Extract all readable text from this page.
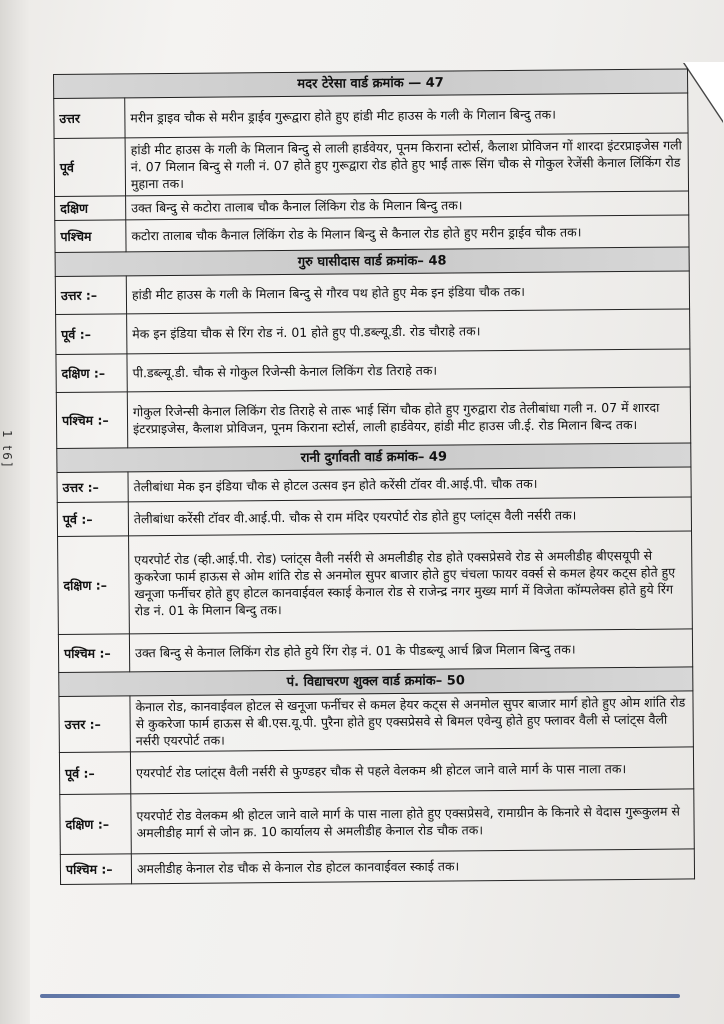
1 t6]
मदर टेरेसा वार्ड क्रमांक — 47	
उत्तर	मरीन ड्राइव चौक से मरीन ड्राईव गुरूद्वारा होते हुए हांडी मीट हाउस के गली के गिलान बिन्दु तक।
पूर्व	हांडी मीट हाउस के गली के मिलान बिन्दु से लाली हार्डवेयर, पूनम किराना स्टोर्स, कैलाश प्रोविजन गों शारदा इंटरप्राइजेस गली नं. 07 मिलान बिन्दु से गली नं. 07 होते हुए गुरूद्वारा रोड होते हुए भाईं तारू सिंग चौक से गोकुल रेजेंसी केनाल लिंकिंग रोड मुहाना तक।
दक्षिण	उक्त बिन्दु से कटोरा तालाब चौक कैनाल लिंकिग रोड के मिलान बिन्दु तक।
पश्चिम	कटोरा तालाब चौक कैनाल लिंकिंग रोड के मिलान बिन्दु से कैनाल रोड होते हुए मरीन ड्राईव चौक तक।
गुरु घासीदास वार्ड क्रमांक– 48	
उत्तर :–	हांडी मीट हाउस के गली के मिलान बिन्दु से गौरव पथ होते हुए मेक इन इंडिया चौक तक।
पूर्व :–	मेक इन इंडिया चौक से रिंग रोड नं. 01 होते हुए पी.डब्ल्यू.डी. रोड चौराहे तक।
दक्षिण :–	पी.डब्ल्यू.डी. चौक से गोकुल रिजेन्सी केनाल लिकिंग रोड तिराहे तक।
पश्चिम :–	गोकुल रिजेन्सी केनाल लिकिंग रोड तिराहे से तारू भाई सिंग चौक होते हुए गुरुद्वारा रोड तेलीबांधा गली न. 07 में शारदा इंटरप्राइजेस, कैलाश प्रोविजन, पूनम किराना स्टोर्स, लाली हार्डवेयर, हांडी मीट हाउस जी.ई. रोड मिलान बिन्द तक।
रानी दुर्गावती वार्ड क्रमांक– 49	
उत्तर :–	तेलीबांधा मेक इन इंडिया चौक से होटल उत्सव इन होते करेंसी टॉवर वी.आई.पी. चौक तक।
पूर्व :–	तेलीबांधा करेंसी टॉवर वी.आई.पी. चौक से राम मंदिर एयरपोर्ट रोड होते हुए प्लांट्स वैली नर्सरी तक।
दक्षिण :–	एयरपोर्ट रोड (व्ही.आई.पी. रोड) प्लांट्स वैली नर्सरी से अमलीडीह रोड होते एक्सप्रेसवे रोड से अमलीडीह बीएसयूपी से कुकरेजा फार्म हाऊस से ओम शांति रोड से अनमोल सुपर बाजार होते हुए चंचला फायर वर्क्स से कमल हेयर कट्स होते हुए खनूजा फर्नीचर होते हुए होटल कानवाईवल स्काई केनाल रोड से राजेन्द्र नगर मुख्य मार्ग में विजेता कॉम्पलेक्स होते हुये रिंग रोड नं. 01 के मिलान बिन्दु तक।
पश्चिम :–	उक्त बिन्दु से केनाल लिकिंग रोड होते हुये रिंग रोड़ नं. 01 के पीडब्ल्यू आर्च ब्रिज मिलान बिन्दु तक।
पं. विद्याचरण शुक्ल वार्ड क्रमांक– 50	
उत्तर :–	केनाल रोड, कानवाईवल होटल से खनूजा फर्नीचर से कमल हेयर कट्स से अनमोल सुपर बाजार मार्ग होते हुए ओम शांति रोड से कुकरेजा फार्म हाऊस से बी.एस.यू.पी. पुरैना होते हुए एक्सप्रेसवे से बिमल एवेन्यु होते हुए फ्लावर वैली से प्लांट्स वैली नर्सरी एयरपोर्ट तक।
पूर्व :–	एयरपोर्ट रोड प्लांट्स वैली नर्सरी से फुण्डहर चौक से पहले वेलकम श्री होटल जाने वाले मार्ग के पास नाला तक।
दक्षिण :–	एयरपोर्ट रोड वेलकम श्री होटल जाने वाले मार्ग के पास नाला होते हुए एक्सप्रेसवे, रामाग्रीन के किनारे से वेदास गुरूकुलम से अमलीडीह मार्ग से जोन क्र. 10 कार्यालय से अमलीडीह केनाल रोड चौक तक।
पश्चिम :–	अमलीडीह केनाल रोड चौक से केनाल रोड होटल कानवाईवल स्काई तक।
